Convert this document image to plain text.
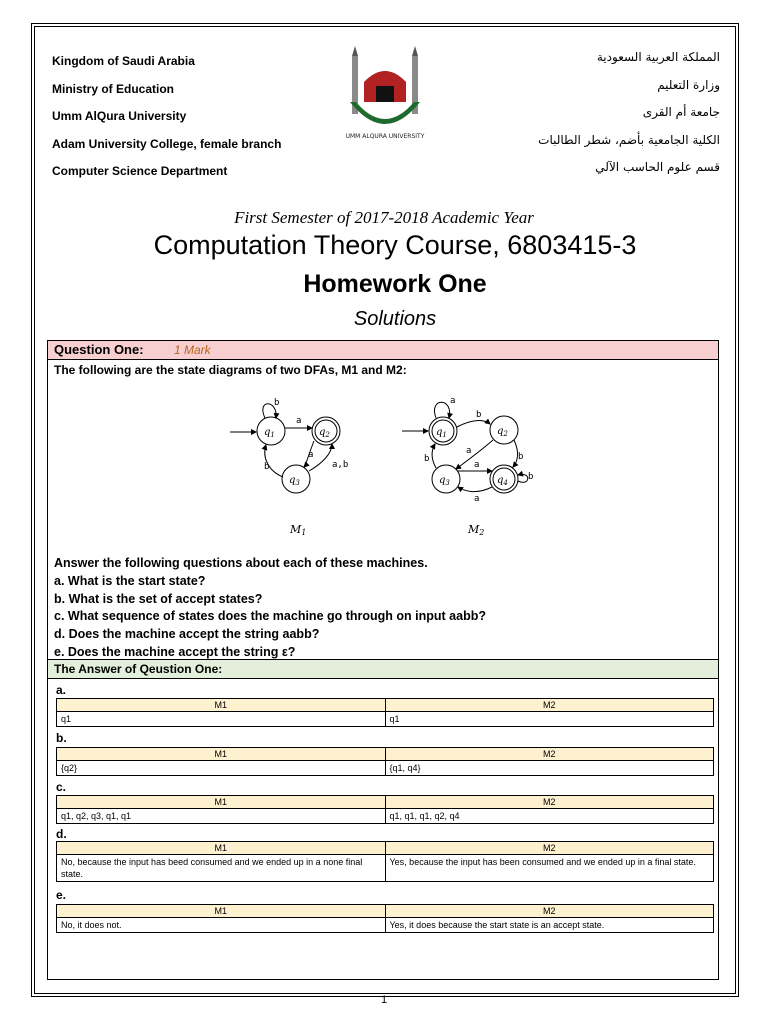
Kingdom of Saudi Arabia
Ministry of Education
Umm AlQura University
Adam University College, female branch
Computer Science Department
UMM ALQURA UNIVERSITY
المملكة العربية السعودية
وزارة التعليم
جامعة أم القرى
الكلية الجامعية بأضم، شطر الطالبات
قسم علوم الحاسب الآلي
First Semester of 2017-2018 Academic Year
Computation Theory Course, 6803415-3
Homework One
Solutions
Question One:	1 Mark
The following are the state diagrams of two DFAs, M1 and M2:
$q_1$	$q_2$
$q_3$
$q_1$	$q_2$
$q_3$	$q_4$
b
a
a
a,b
b
a
b
a
b	b
b
a
a
M1	M2
Answer the following questions about each of these machines.
a. What is the start state?
b. What is the set of accept states?
c. What sequence of states does the machine go through on input aabb?
d. Does the machine accept the string aabb?
e. Does the machine accept the string ε?
The Answer of Qeustion One:
a.
M1	M2
q1	q1
b.
M1	M2
{q2}	{q1, q4}
c.
M1	M2
q1, q2, q3, q1, q1	q1, q1, q1, q2, q4
d.
M1	M2
No, because the input has beed consumed and we ended up in a none final state.	Yes, because the input has been consumed and we ended up in a final state.
e.
M1	M2
No, it does not.	Yes, it does because the start state is an accept state.
1
